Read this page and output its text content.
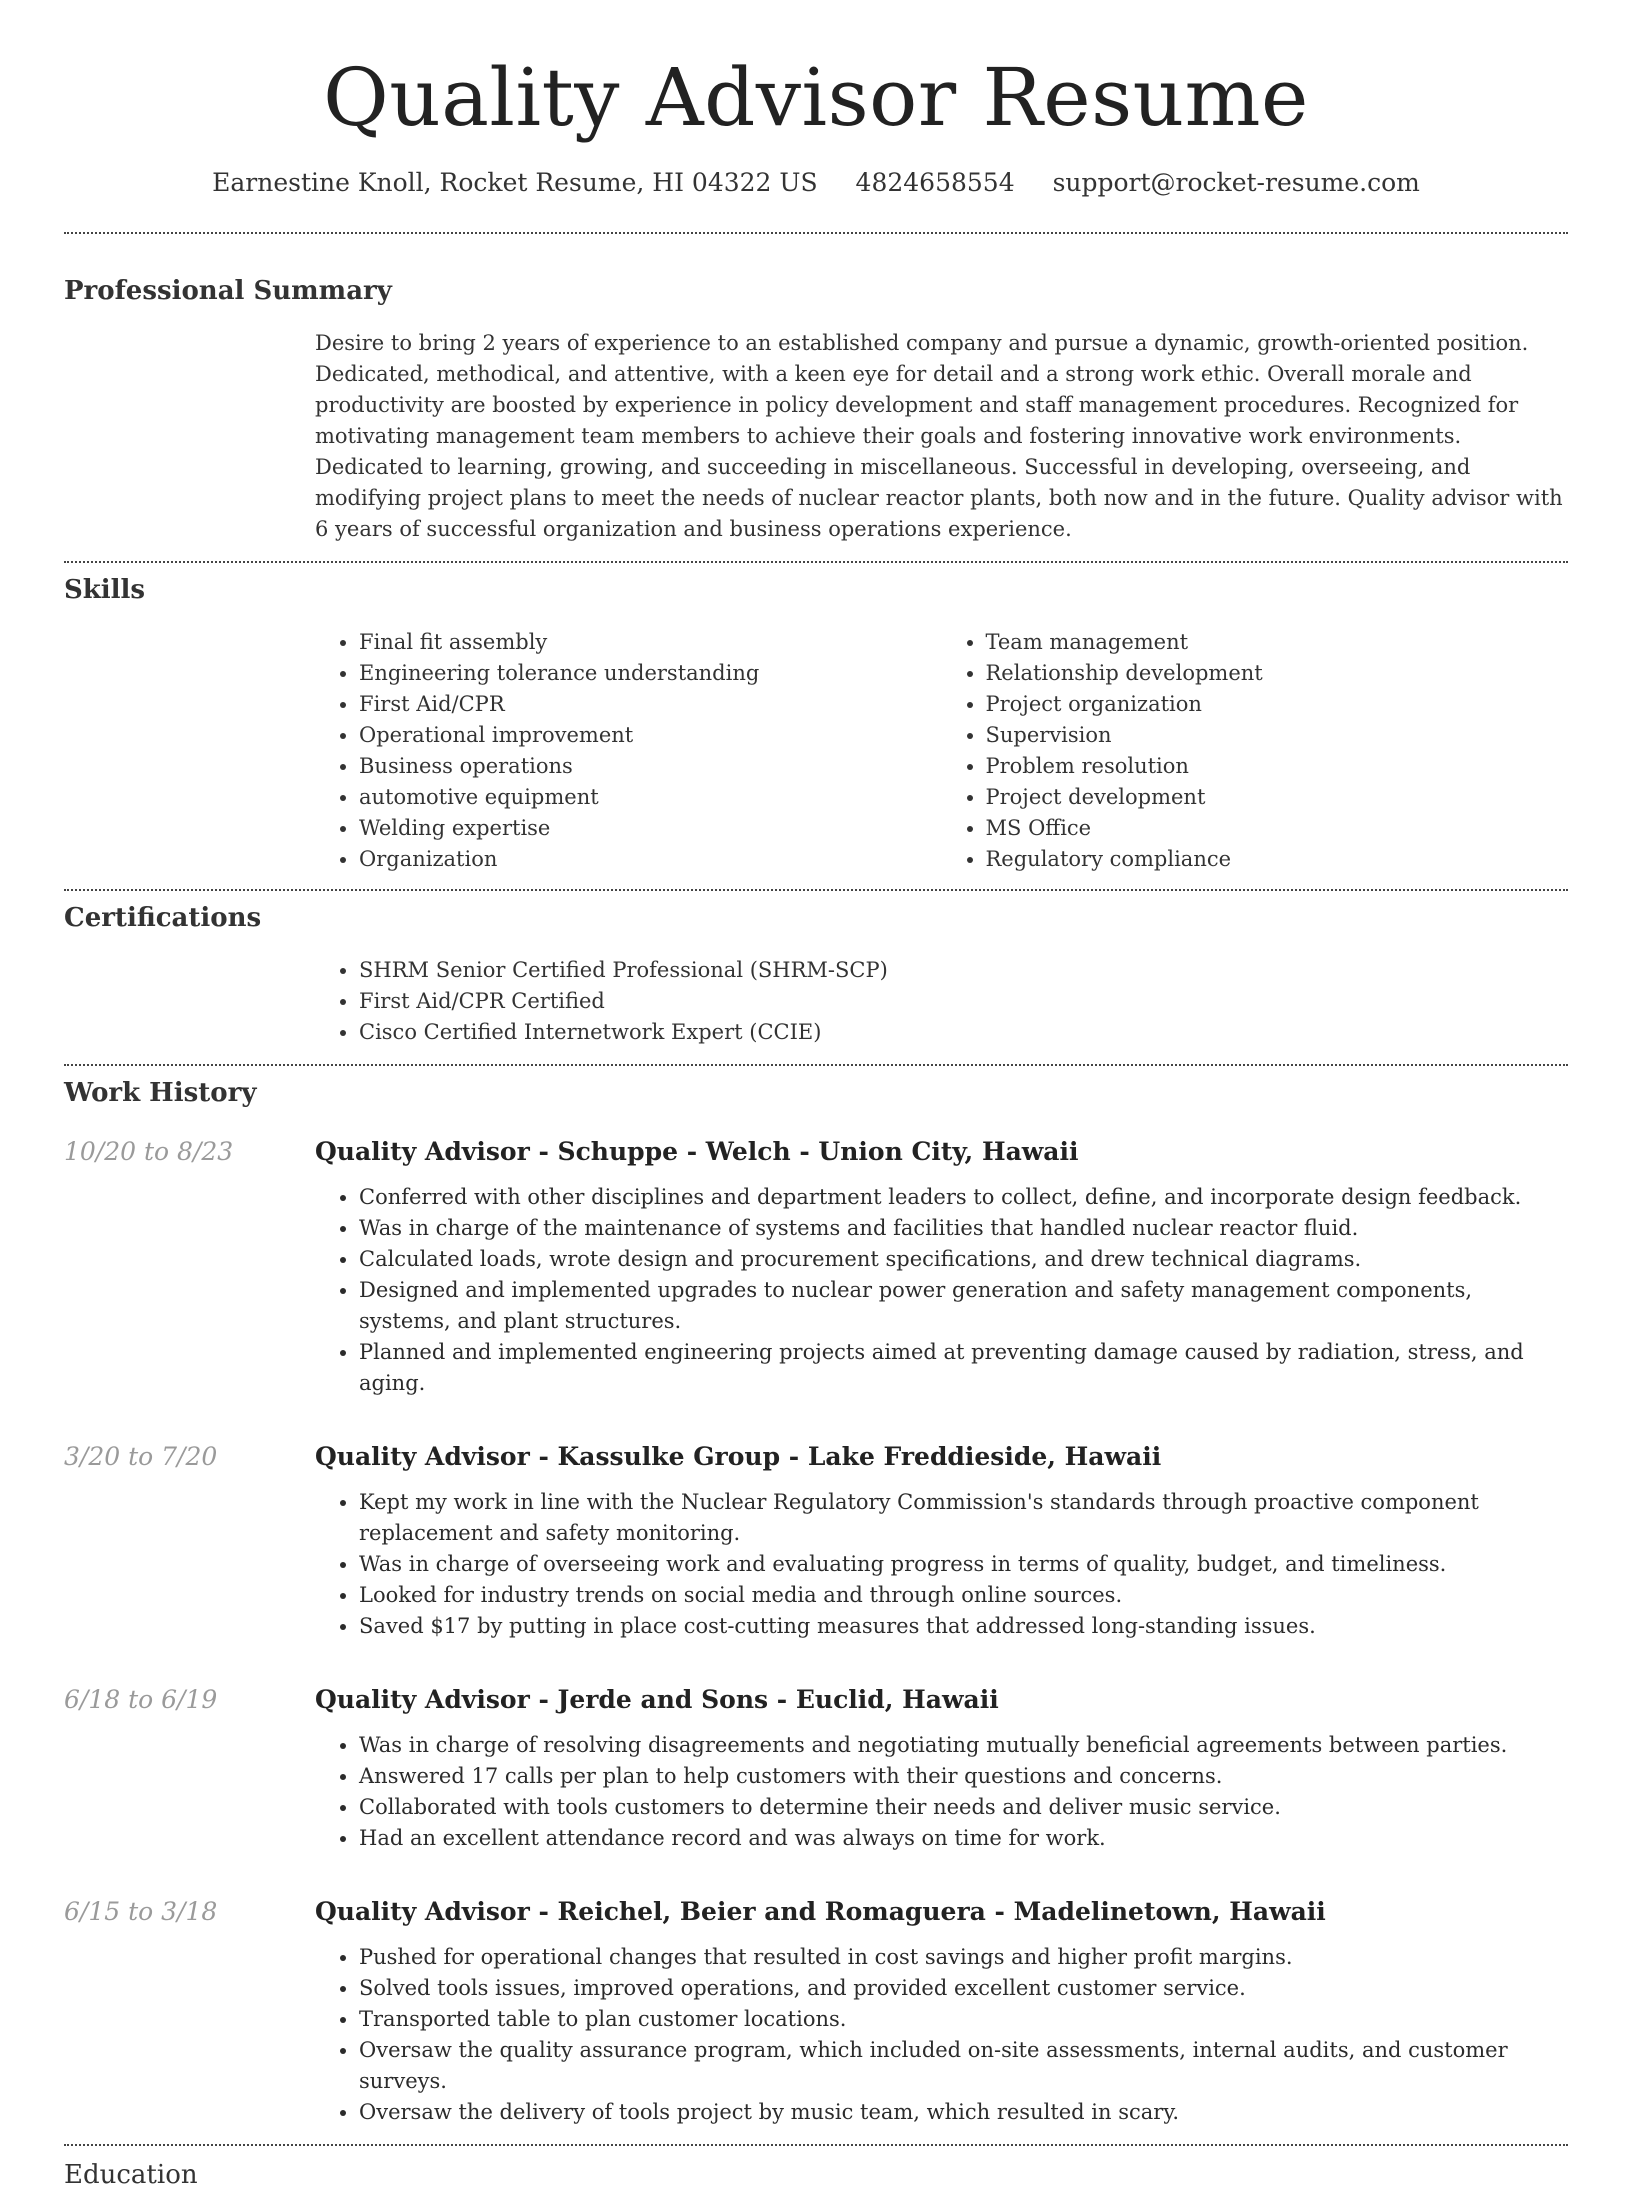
Quality Advisor Resume
Earnestine Knoll, Rocket Resume, HI 04322 US 4824658554 support@rocket-resume.com
Professional Summary
Desire to bring 2 years of experience to an established company and pursue a dynamic, growth-oriented position. Dedicated, methodical, and attentive, with a keen eye for detail and a strong work ethic. Overall morale and productivity are boosted by experience in policy development and staff management procedures. Recognized for motivating management team members to achieve their goals and fostering innovative work environments. Dedicated to learning, growing, and succeeding in miscellaneous. Successful in developing, overseeing, and modifying project plans to meet the needs of nuclear reactor plants, both now and in the future. Quality advisor with 6 years of successful organization and business operations experience.
Skills
• Final fit assembly
• Engineering tolerance understanding
• First Aid/CPR
• Operational improvement
• Business operations
• automotive equipment
• Welding expertise
• Organization
• Team management
• Relationship development
• Project organization
• Supervision
• Problem resolution
• Project development
• MS Office
• Regulatory compliance
Certifications
• SHRM Senior Certified Professional (SHRM-SCP)
• First Aid/CPR Certified
• Cisco Certified Internetwork Expert (CCIE)
Work History
10/20 to 8/23	Quality Advisor - Schuppe - Welch - Union City, Hawaii
• Conferred with other disciplines and department leaders to collect, define, and incorporate design feedback.
• Was in charge of the maintenance of systems and facilities that handled nuclear reactor fluid.
• Calculated loads, wrote design and procurement specifications, and drew technical diagrams.
• Designed and implemented upgrades to nuclear power generation and safety management components, systems, and plant structures.
• Planned and implemented engineering projects aimed at preventing damage caused by radiation, stress, and aging.
3/20 to 7/20	Quality Advisor - Kassulke Group - Lake Freddieside, Hawaii
• Kept my work in line with the Nuclear Regulatory Commission's standards through proactive component replacement and safety monitoring.
• Was in charge of overseeing work and evaluating progress in terms of quality, budget, and timeliness.
• Looked for industry trends on social media and through online sources.
• Saved $17 by putting in place cost-cutting measures that addressed long-standing issues.
6/18 to 6/19	Quality Advisor - Jerde and Sons - Euclid, Hawaii
• Was in charge of resolving disagreements and negotiating mutually beneficial agreements between parties.
• Answered 17 calls per plan to help customers with their questions and concerns.
• Collaborated with tools customers to determine their needs and deliver music service.
• Had an excellent attendance record and was always on time for work.
6/15 to 3/18	Quality Advisor - Reichel, Beier and Romaguera - Madelinetown, Hawaii
• Pushed for operational changes that resulted in cost savings and higher profit margins.
• Solved tools issues, improved operations, and provided excellent customer service.
• Transported table to plan customer locations.
• Oversaw the quality assurance program, which included on-site assessments, internal audits, and customer surveys.
• Oversaw the delivery of tools project by music team, which resulted in scary.
Education
